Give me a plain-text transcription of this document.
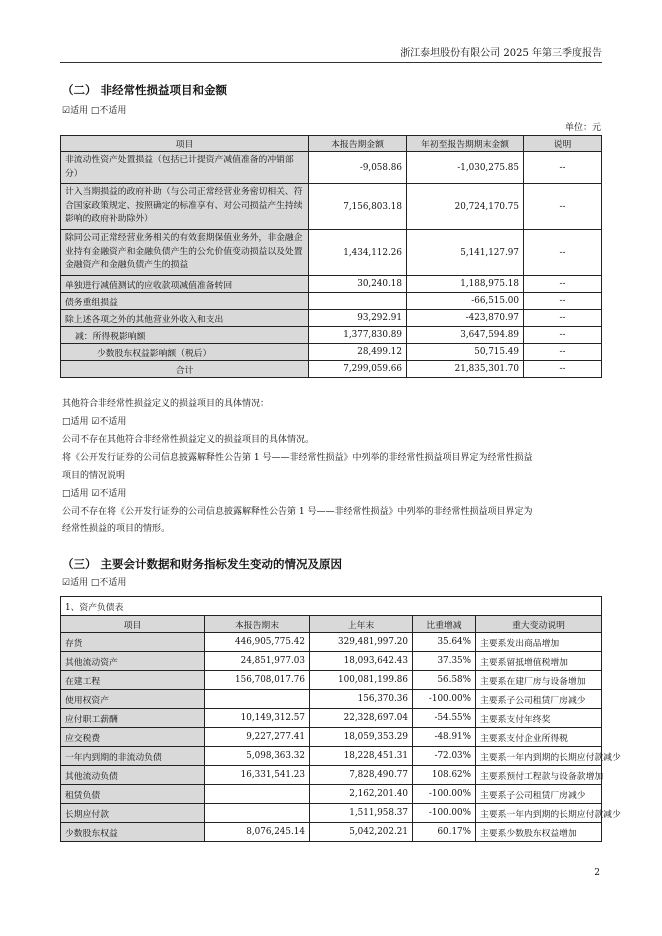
浙江泰坦股份有限公司 2025 年第三季度报告
（二） 非经常性损益项目和金额
☑适用 □不适用
单位：元
项目	本报告期金额	年初至报告期期末金额	说明
非流动性资产处置损益（包括已计提资产减值准备的冲销部分）	-9,058.86	-1,030,275.85	--
计入当期损益的政府补助（与公司正常经营业务密切相关、符合国家政策规定、按照确定的标准享有、对公司损益产生持续影响的政府补助除外）	7,156,803.18	20,724,170.75	--
除同公司正常经营业务相关的有效套期保值业务外，非金融企业持有金融资产和金融负债产生的公允价值变动损益以及处置金融资产和金融负债产生的损益	1,434,112.26	5,141,127.97	--
单独进行减值测试的应收款项减值准备转回	30,240.18	1,188,975.18	--
债务重组损益		-66,515.00	--
除上述各项之外的其他营业外收入和支出	93,292.91	-423,870.97	--
减：所得税影响额	1,377,830.89	3,647,594.89	--
少数股东权益影响额（税后）	28,499.12	50,715.49	--
合计	7,299,059.66	21,835,301.70	--
其他符合非经常性损益定义的损益项目的具体情况：
□适用 ☑不适用
公司不存在其他符合非经常性损益定义的损益项目的具体情况。
将《公开发行证券的公司信息披露解释性公告第 1 号——非经常性损益》中列举的非经常性损益项目界定为经常性损益
项目的情况说明
□适用 ☑不适用
公司不存在将《公开发行证券的公司信息披露解释性公告第 1 号——非经常性损益》中列举的非经常性损益项目界定为
经常性损益的项目的情形。
（三） 主要会计数据和财务指标发生变动的情况及原因
☑适用 □不适用
1、资产负债表				
项目	本报告期末	上年末	比重增减	重大变动说明
存货	446,905,775.42	329,481,997.20	35.64%	主要系发出商品增加
其他流动资产	24,851,977.03	18,093,642.43	37.35%	主要系留抵增值税增加
在建工程	156,708,017.76	100,081,199.86	56.58%	主要系在建厂房与设备增加
使用权资产		156,370.36	-100.00%	主要系子公司租赁厂房减少
应付职工薪酬	10,149,312.57	22,328,697.04	-54.55%	主要系支付年终奖
应交税费	9,227,277.41	18,059,353.29	-48.91%	主要系支付企业所得税
一年内到期的非流动负债	5,098,363.32	18,228,451.31	-72.03%	主要系一年内到期的长期应付款减少
其他流动负债	16,331,541.23	7,828,490.77	108.62%	主要系预付工程款与设备款增加
租赁负债		2,162,201.40	-100.00%	主要系子公司租赁厂房减少
长期应付款		1,511,958.37	-100.00%	主要系一年内到期的长期应付款减少
少数股东权益	8,076,245.14	5,042,202.21	60.17%	主要系少数股东权益增加
2
